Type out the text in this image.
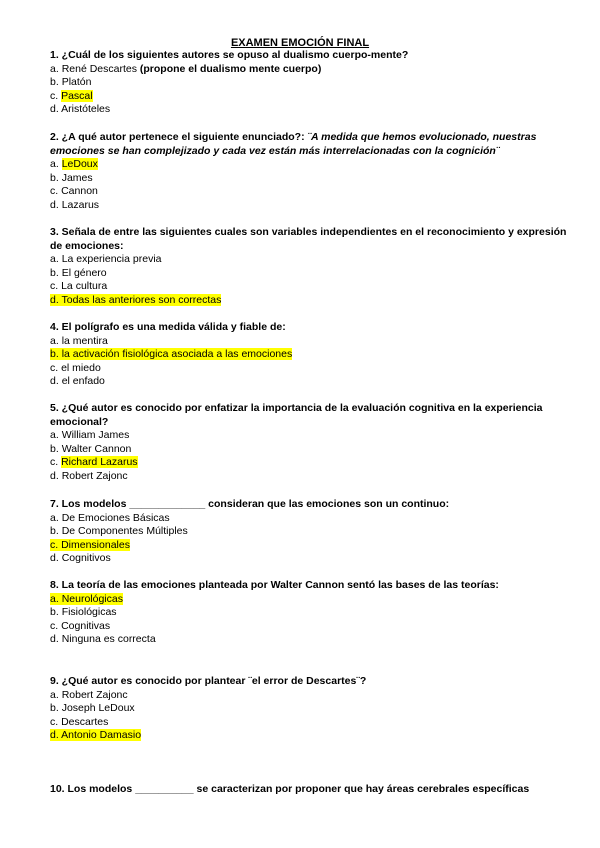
EXAMEN EMOCIÓN FINAL
1. ¿Cuál de los siguientes autores se opuso al dualismo cuerpo-mente?
a. René Descartes (propone el dualismo mente cuerpo)
b. Platón
c. Pascal
d. Aristóteles
2. ¿A qué autor pertenece el siguiente enunciado?: ¨A medida que hemos evolucionado, nuestras emociones se han complejizado y cada vez están más interrelacionadas con la cognición¨
a. LeDoux
b. James
c. Cannon
d. Lazarus
3. Señala de entre las siguientes cuales son variables independientes en el reconocimiento y expresión de emociones:
a. La experiencia previa
b. El género
c. La cultura
d. Todas las anteriores son correctas
4. El polígrafo es una medida válida y fiable de:
a. la mentira
b. la activación fisiológica asociada a las emociones
c. el miedo
d. el enfado
5. ¿Qué autor es conocido por enfatizar la importancia de la evaluación cognitiva en la experiencia emocional?
a. William James
b. Walter Cannon
c. Richard Lazarus
d. Robert Zajonc
7. Los modelos _____________ consideran que las emociones son un continuo:
a. De Emociones Básicas
b. De Componentes Múltiples
c. Dimensionales
d. Cognitivos
8. La teoría de las emociones planteada por Walter Cannon sentó las bases de las teorías:
a. Neurológicas
b. Fisiológicas
c. Cognitivas
d. Ninguna es correcta
9. ¿Qué autor es conocido por plantear ¨el error de Descartes¨?
a. Robert Zajonc
b. Joseph LeDoux
c. Descartes
d. Antonio Damasio
10. Los modelos __________ se caracterizan por proponer que hay áreas cerebrales específicas
